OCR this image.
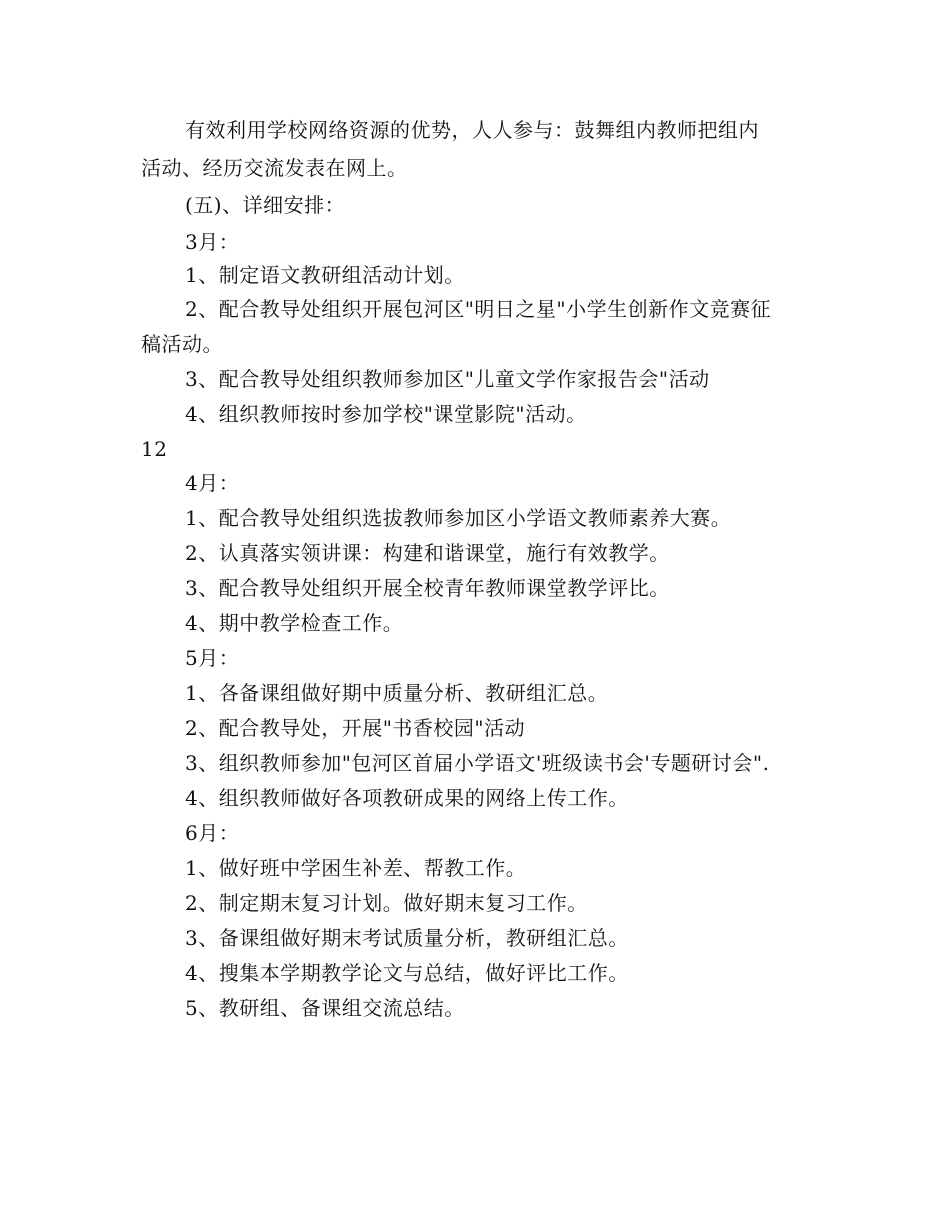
有效利用学校网络资源的优势，人人参与：鼓舞组内教师把组内
活动、经历交流发表在网上。
(五)、详细安排：
3月：
1、制定语文教研组活动计划。
2、配合教导处组织开展包河区"明日之星"小学生创新作文竞赛征
稿活动。
3、配合教导处组织教师参加区"儿童文学作家报告会"活动
4、组织教师按时参加学校"课堂影院"活动。
12
4月：
1、配合教导处组织选拔教师参加区小学语文教师素养大赛。
2、认真落实领讲课：构建和谐课堂，施行有效教学。
3、配合教导处组织开展全校青年教师课堂教学评比。
4、期中教学检查工作。
5月：
1、各备课组做好期中质量分析、教研组汇总。
2、配合教导处，开展"书香校园"活动
3、组织教师参加"包河区首届小学语文'班级读书会'专题研讨会".
4、组织教师做好各项教研成果的网络上传工作。
6月：
1、做好班中学困生补差、帮教工作。
2、制定期末复习计划。做好期末复习工作。
3、备课组做好期末考试质量分析，教研组汇总。
4、搜集本学期教学论文与总结，做好评比工作。
5、教研组、备课组交流总结。
